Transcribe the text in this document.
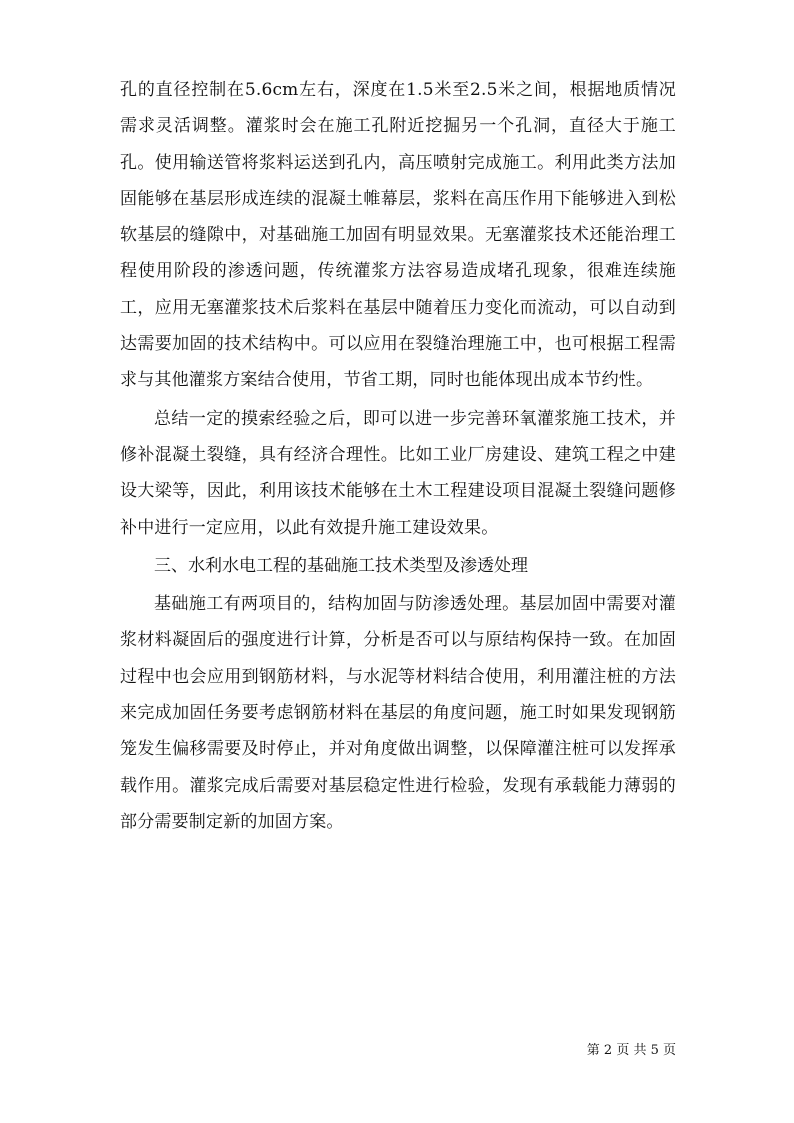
孔的直径控制在5.6cm左右，深度在1.5米至2.5米之间，根据地质情况需求灵活调整。灌浆时会在施工孔附近挖掘另一个孔洞，直径大于施工孔。使用输送管将浆料运送到孔内，高压喷射完成施工。利用此类方法加固能够在基层形成连续的混凝土帷幕层，浆料在高压作用下能够进入到松软基层的缝隙中，对基础施工加固有明显效果。无塞灌浆技术还能治理工程使用阶段的渗透问题，传统灌浆方法容易造成堵孔现象，很难连续施工，应用无塞灌浆技术后浆料在基层中随着压力变化而流动，可以自动到达需要加固的技术结构中。可以应用在裂缝治理施工中，也可根据工程需求与其他灌浆方案结合使用，节省工期，同时也能体现出成本节约性。

总结一定的摸索经验之后，即可以进一步完善环氧灌浆施工技术，并修补混凝土裂缝，具有经济合理性。比如工业厂房建设、建筑工程之中建设大梁等，因此，利用该技术能够在土木工程建设项目混凝土裂缝问题修补中进行一定应用，以此有效提升施工建设效果。

三、水利水电工程的基础施工技术类型及渗透处理

基础施工有两项目的，结构加固与防渗透处理。基层加固中需要对灌浆材料凝固后的强度进行计算，分析是否可以与原结构保持一致。在加固过程中也会应用到钢筋材料，与水泥等材料结合使用，利用灌注桩的方法来完成加固任务要考虑钢筋材料在基层的角度问题，施工时如果发现钢筋笼发生偏移需要及时停止，并对角度做出调整，以保障灌注桩可以发挥承载作用。灌浆完成后需要对基层稳定性进行检验，发现有承载能力薄弱的部分需要制定新的加固方案。

第 2 页 共 5 页
